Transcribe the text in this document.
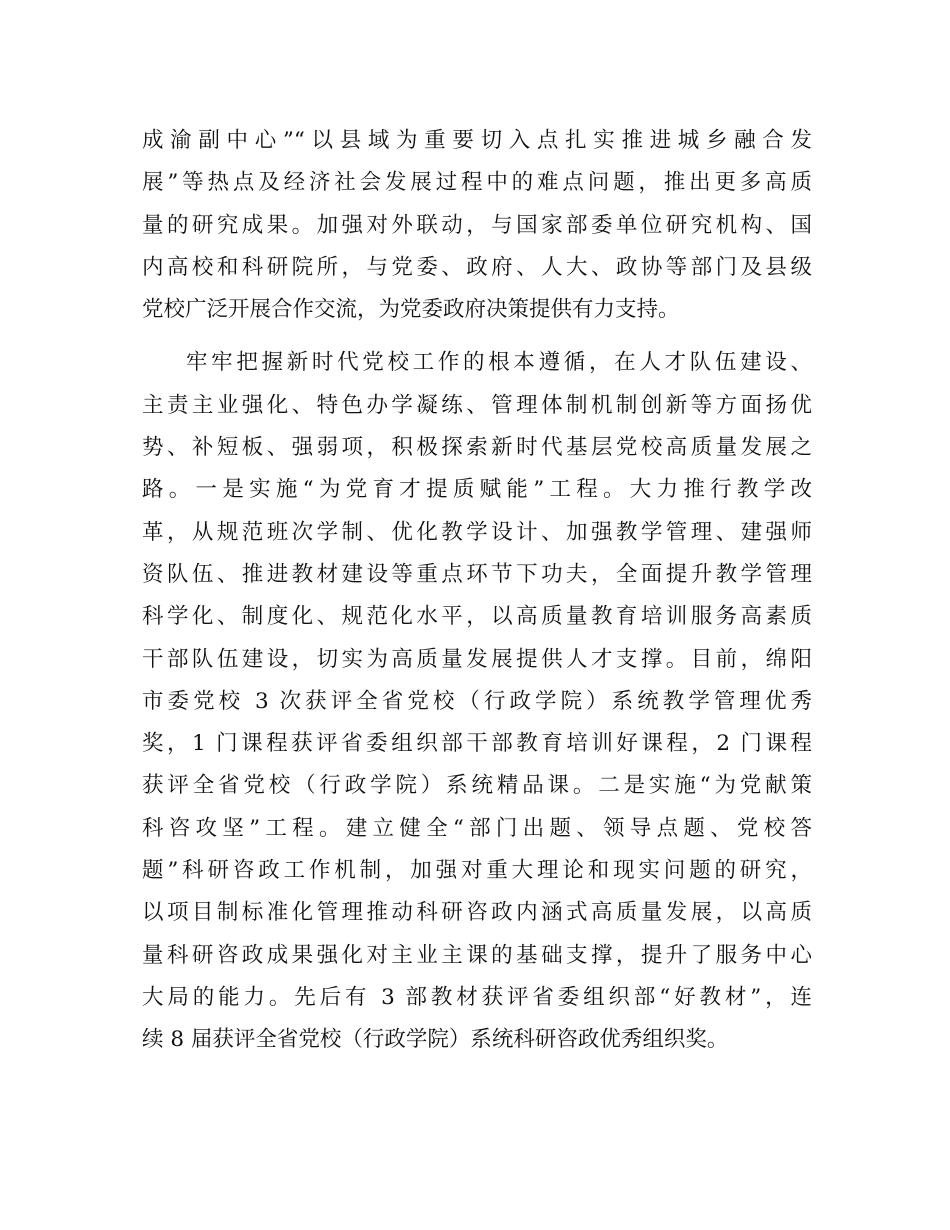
成渝副中心”“以县域为重要切入点扎实推进城乡融合发
展”等热点及经济社会发展过程中的难点问题，推出更多高质
量的研究成果。加强对外联动，与国家部委单位研究机构、国
内高校和科研院所，与党委、政府、人大、政协等部门及县级
党校广泛开展合作交流，为党委政府决策提供有力支持。
牢牢把握新时代党校工作的根本遵循，在人才队伍建设、
主责主业强化、特色办学凝练、管理体制机制创新等方面扬优
势、补短板、强弱项，积极探索新时代基层党校高质量发展之
路。一是实施“为党育才提质赋能”工程。大力推行教学改
革，从规范班次学制、优化教学设计、加强教学管理、建强师
资队伍、推进教材建设等重点环节下功夫，全面提升教学管理
科学化、制度化、规范化水平，以高质量教育培训服务高素质
干部队伍建设，切实为高质量发展提供人才支撑。目前，绵阳
市委党校 3 次获评全省党校（行政学院）系统教学管理优秀
奖，1 门课程获评省委组织部干部教育培训好课程，2 门课程
获评全省党校（行政学院）系统精品课。二是实施“为党献策
科咨攻坚”工程。建立健全“部门出题、领导点题、党校答
题”科研咨政工作机制，加强对重大理论和现实问题的研究，
以项目制标准化管理推动科研咨政内涵式高质量发展，以高质
量科研咨政成果强化对主业主课的基础支撑，提升了服务中心
大局的能力。先后有 3 部教材获评省委组织部“好教材”，连
续 8 届获评全省党校（行政学院）系统科研咨政优秀组织奖。
